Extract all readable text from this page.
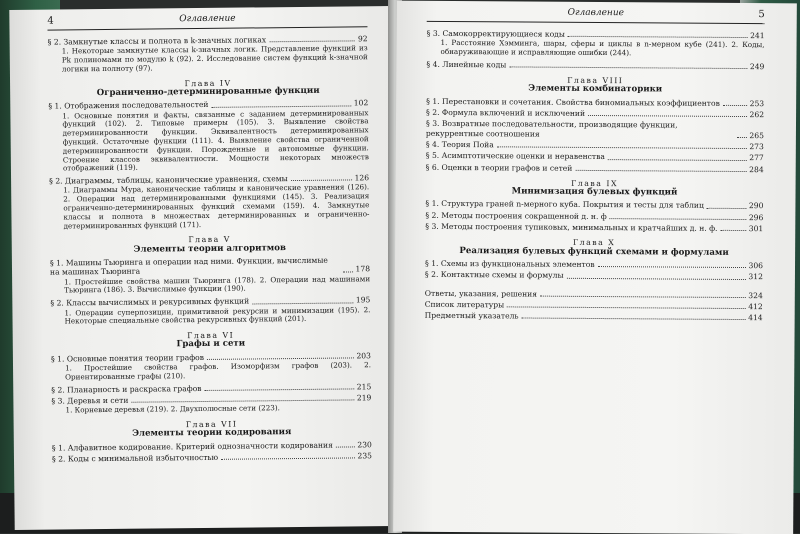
4	Оглавление
§ 2. Замкнутые классы и полнота в k-значных логиках	92
1. Некоторые замкнутые классы k-значных логик. Представление функций из Pk полиномами по модулю k (92). 2. Исследование систем функций k-значной логики на полноту (97).
Глава IV
Ограниченно-детерминированные функции
§ 1. Отображения последовательностей	102
1. Основные понятия и факты, связанные с заданием детерминированных функций (102). 2. Типовые примеры (105). 3. Выявление свойства детерминированности функции. Эквивалентность детерминированных функций. Остаточные функции (111). 4. Выявление свойства ограниченной детерминированности функции. Порожденные и автономные функции. Строение классов эквивалентности. Мощности некоторых множеств отображений (119).
§ 2. Диаграммы, таблицы, канонические уравнения, схемы	126
1. Диаграммы Мура, канонические таблицы и канонические уравнения (126). 2. Операции над детерминированными функциями (145). 3. Реализация ограниченно-детерминированных функций схемами (159). 4. Замкнутые классы и полнота в множествах детерминированных и ограниченно-детерминированных функций (171).
Глава V
Элементы теории алгоритмов
§ 1. Машины Тьюринга и операции над ними. Функции, вычислимые на машинах Тьюринга	178
1. Простейшие свойства машин Тьюринга (178). 2. Операции над машинами Тьюринга (186). 3. Вычислимые функции (190).
§ 2. Классы вычислимых и рекурсивных функций	195
1. Операции суперпозиции, примитивной рекурсии и минимизации (195). 2. Некоторые специальные свойства рекурсивных функций (201).
Глава VI
Графы и сети
§ 1. Основные понятия теории графов	203
1. Простейшие свойства графов. Изоморфизм графов (203). 2. Ориентированные графы (210).
§ 2. Планарность и раскраска графов	215
§ 3. Деревья и сети	219
1. Корневые деревья (219). 2. Двухполюсные сети (223).
Глава VII
Элементы теории кодирования
§ 1. Алфавитное кодирование. Критерий однозначности кодирования	230
§ 2. Коды с минимальной избыточностью	235
Оглавление	5
§ 3. Самокорректирующиеся коды	241
1. Расстояние Хэмминга, шары, сферы и циклы в n-мерном кубе (241). 2. Коды, обнаруживающие и исправляющие ошибки (244).
§ 4. Линейные коды	249
Глава VIII
Элементы комбинаторики
§ 1. Перестановки и сочетания. Свойства биномиальных коэффициентов	253
§ 2. Формула включений и исключений	262
§ 3. Возвратные последовательности, производящие функции, рекуррентные соотношения	265
§ 4. Теория Пойа	273
§ 5. Асимптотические оценки и неравенства	277
§ 6. Оценки в теории графов и сетей	284
Глава IX
Минимизация булевых функций
§ 1. Структура граней n-мерного куба. Покрытия и тесты для таблиц	290
§ 2. Методы построения сокращенной д. н. ф	296
§ 3. Методы построения тупиковых, минимальных и кратчайших д. н. ф.	301
Глава X
Реализация булевых функций схемами и формулами
§ 1. Схемы из функциональных элементов	306
§ 2. Контактные схемы и формулы	312
Ответы, указания, решения	324
Список литературы	412
Предметный указатель	414
